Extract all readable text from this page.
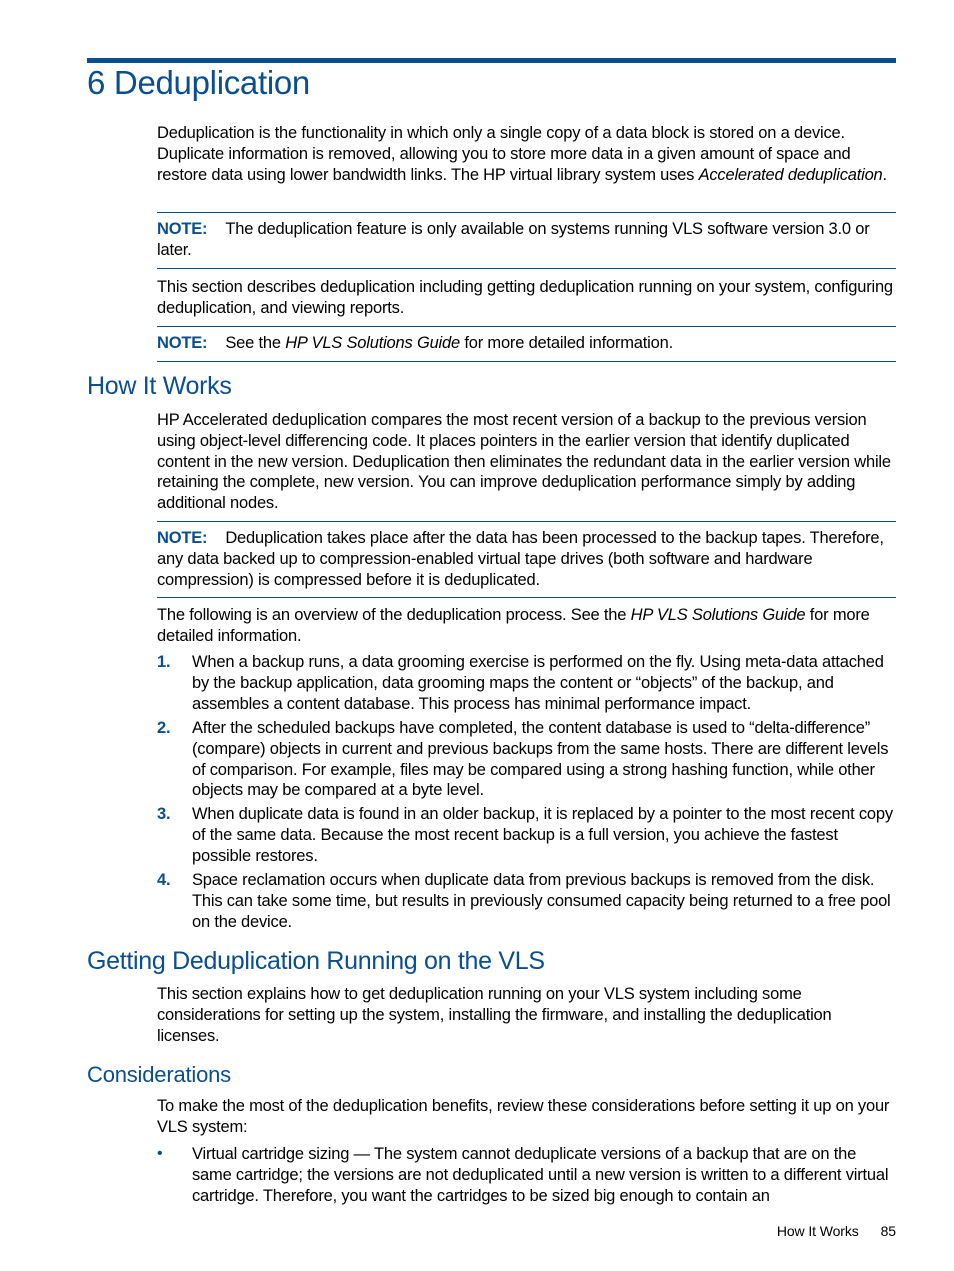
6 Deduplication

Deduplication is the functionality in which only a single copy of a data block is stored on a device. Duplicate information is removed, allowing you to store more data in a given amount of space and restore data using lower bandwidth links. The HP virtual library system uses Accelerated deduplication.

NOTE: The deduplication feature is only available on systems running VLS software version 3.0 or later.

This section describes deduplication including getting deduplication running on your system, configuring deduplication, and viewing reports.

NOTE: See the HP VLS Solutions Guide for more detailed information.
How It Works

HP Accelerated deduplication compares the most recent version of a backup to the previous version using object-level differencing code. It places pointers in the earlier version that identify duplicated content in the new version. Deduplication then eliminates the redundant data in the earlier version while retaining the complete, new version. You can improve deduplication performance simply by adding additional nodes.

NOTE: Deduplication takes place after the data has been processed to the backup tapes. Therefore, any data backed up to compression-enabled virtual tape drives (both software and hardware compression) is compressed before it is deduplicated.

The following is an overview of the deduplication process. See the HP VLS Solutions Guide for more detailed information.

1. When a backup runs, a data grooming exercise is performed on the fly. Using meta-data attached by the backup application, data grooming maps the content or “objects” of the backup, and assembles a content database. This process has minimal performance impact.
2. After the scheduled backups have completed, the content database is used to “delta-difference” (compare) objects in current and previous backups from the same hosts. There are different levels of comparison. For example, files may be compared using a strong hashing function, while other objects may be compared at a byte level.
3. When duplicate data is found in an older backup, it is replaced by a pointer to the most recent copy of the same data. Because the most recent backup is a full version, you achieve the fastest possible restores.
4. Space reclamation occurs when duplicate data from previous backups is removed from the disk. This can take some time, but results in previously consumed capacity being returned to a free pool on the device.
Getting Deduplication Running on the VLS

This section explains how to get deduplication running on your VLS system including some considerations for setting up the system, installing the firmware, and installing the deduplication licenses.

Considerations

To make the most of the deduplication benefits, review these considerations before setting it up on your VLS system:

• Virtual cartridge sizing — The system cannot deduplicate versions of a backup that are on the same cartridge; the versions are not deduplicated until a new version is written to a different virtual cartridge. Therefore, you want the cartridges to be sized big enough to contain an
How It Works 85
